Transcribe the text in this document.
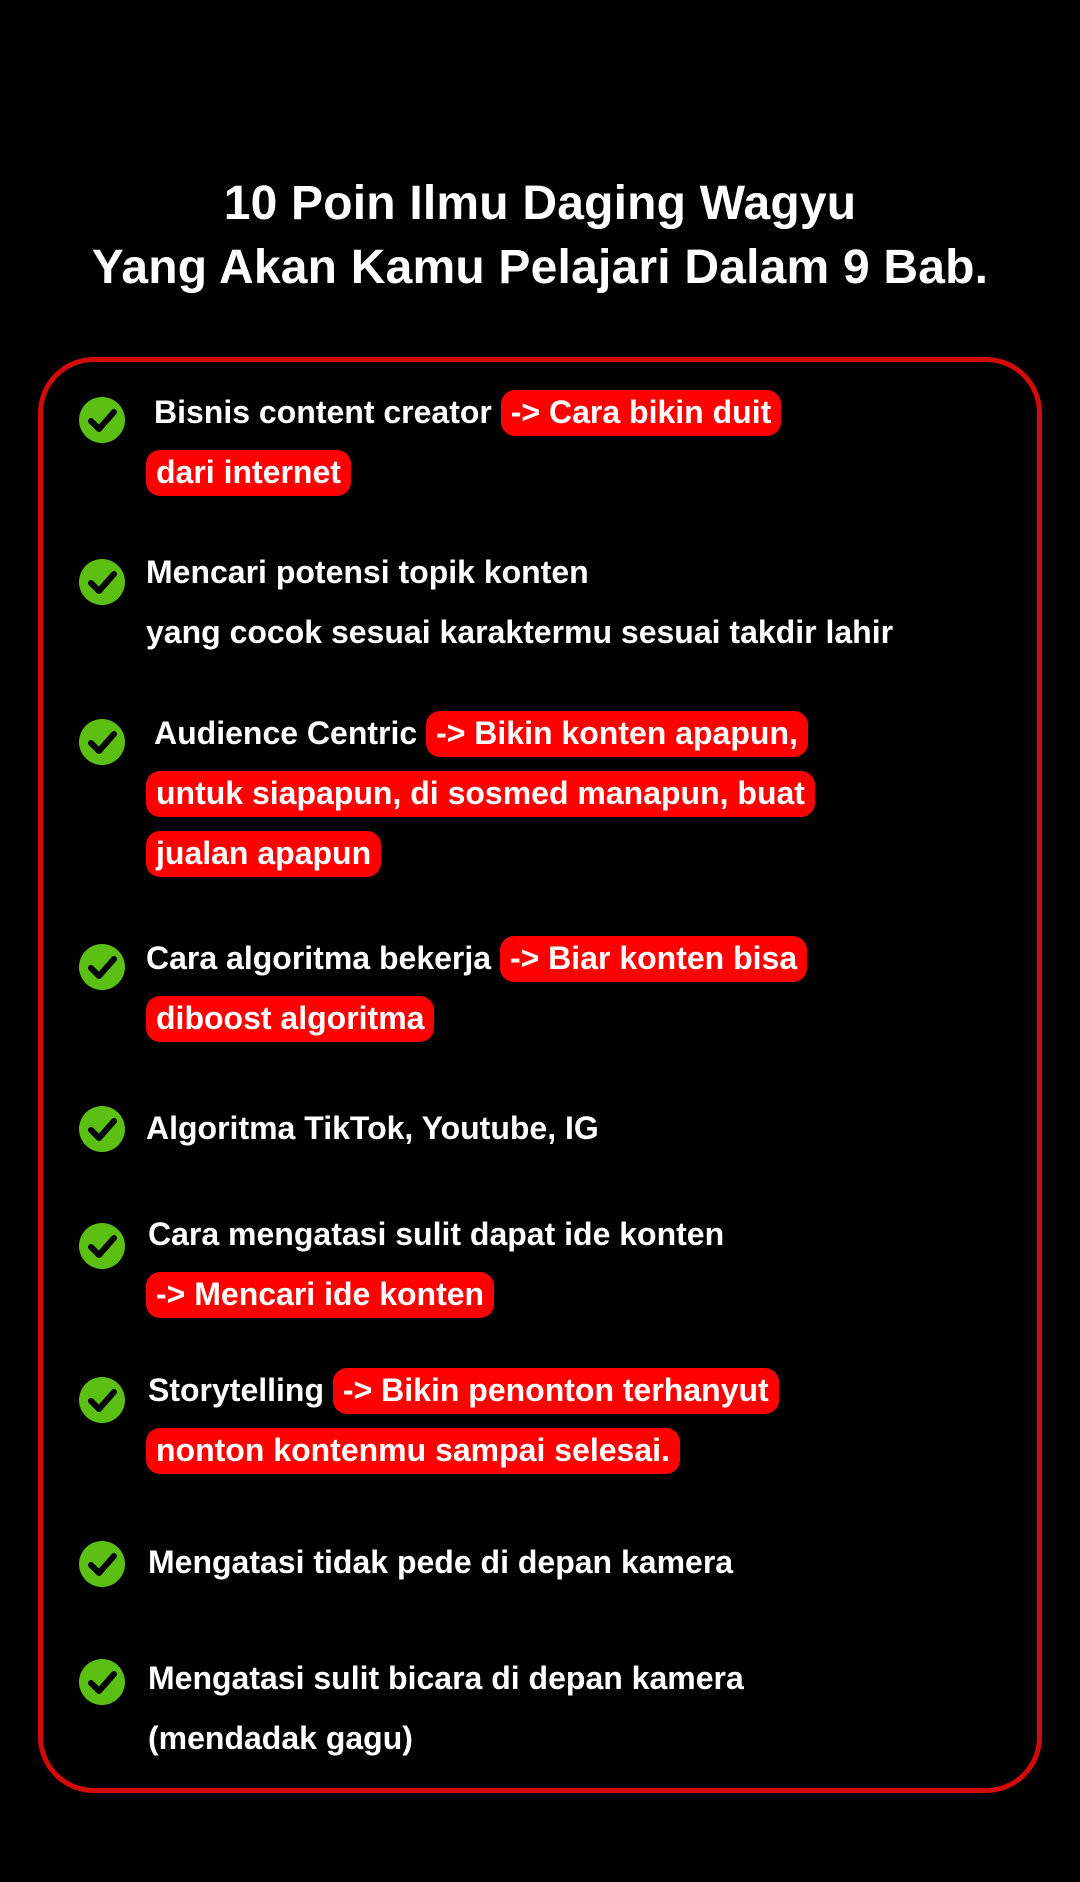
10 Poin Ilmu Daging Wagyu
Yang Akan Kamu Pelajari Dalam 9 Bab.
Bisnis content creator -> Cara bikin duit
dari internet
Mencari potensi topik konten
yang cocok sesuai karaktermu sesuai takdir lahir
Audience Centric -> Bikin konten apapun,
untuk siapapun, di sosmed manapun, buat
jualan apapun
Cara algoritma bekerja -> Biar konten bisa
diboost algoritma
Algoritma TikTok, Youtube, IG
Cara mengatasi sulit dapat ide konten
-> Mencari ide konten
Storytelling -> Bikin penonton terhanyut
nonton kontenmu sampai selesai.
Mengatasi tidak pede di depan kamera
Mengatasi sulit bicara di depan kamera
(mendadak gagu)
